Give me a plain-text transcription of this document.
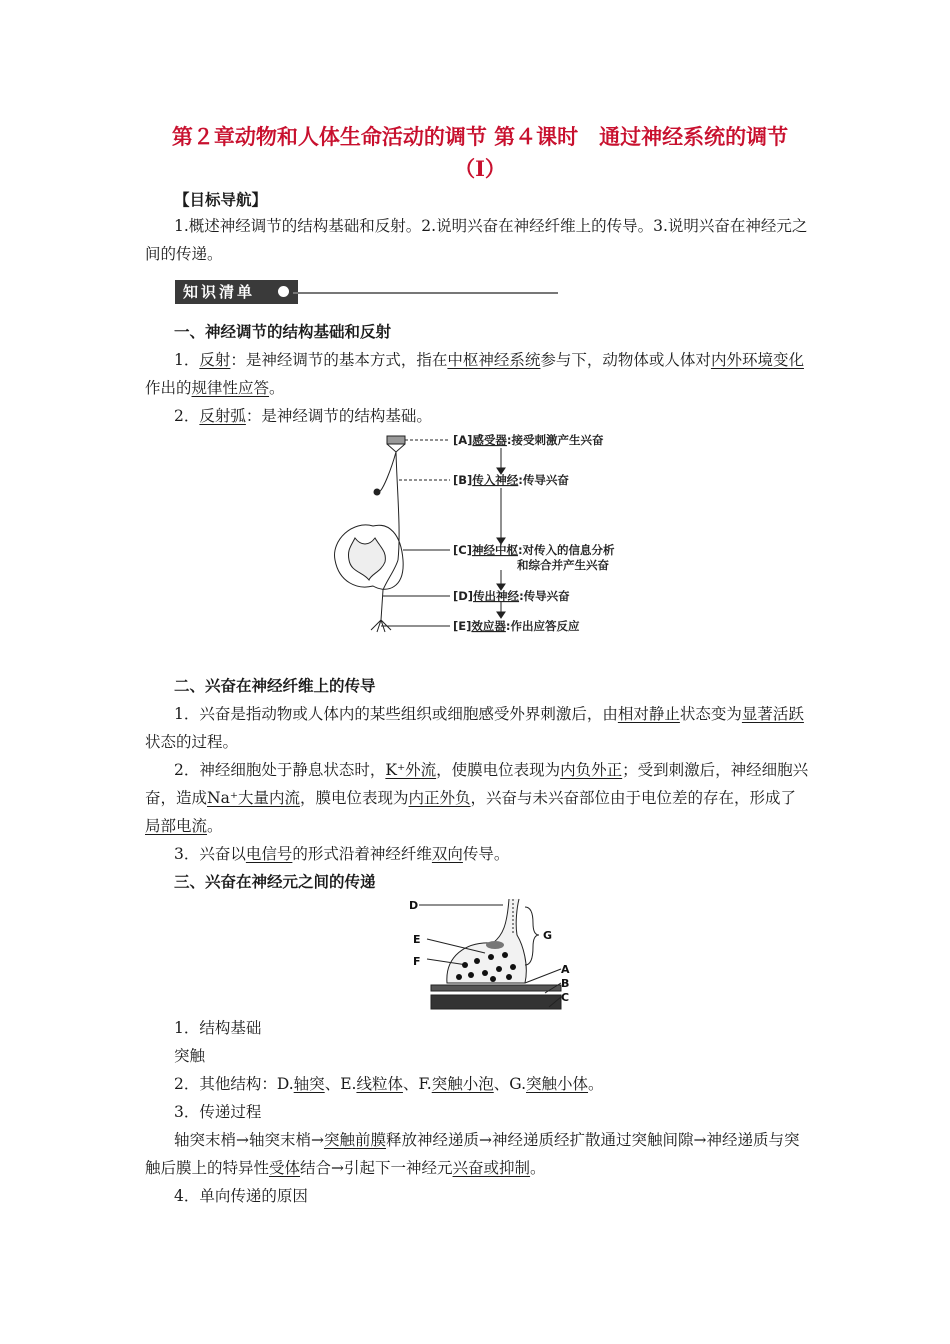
第２章动物和人体生命活动的调节 第４课时　通过神经系统的调节
（Ⅰ）
【目标导航】
1.概述神经调节的结构基础和反射。2.说明兴奋在神经纤维上的传导。3.说明兴奋在神经元之间的传递。
知识清单
一、神经调节的结构基础和反射
1．反射：是神经调节的基本方式，指在中枢神经系统参与下，动物体或人体对内外环境变化作出的规律性应答。
2．反射弧：是神经调节的结构基础。
[A]感受器:接受刺激产生兴奋
[B]传入神经:传导兴奋
[C]神经中枢:对传入的信息分析
和综合并产生兴奋
[D]传出神经:传导兴奋
[E]效应器:作出应答反应
二、兴奋在神经纤维上的传导
1．兴奋是指动物或人体内的某些组织或细胞感受外界刺激后，由相对静止状态变为显著活跃状态的过程。
2．神经细胞处于静息状态时，K⁺外流，使膜电位表现为内负外正；受到刺激后，神经细胞兴奋，造成Na⁺大量内流，膜电位表现为内正外负，兴奋与未兴奋部位由于电位差的存在，形成了局部电流。
3．兴奋以电信号的形式沿着神经纤维双向传导。
三、兴奋在神经元之间的传递
D
E
F
G
A
B
C
1．结构基础
突触
2．其他结构：D.轴突、E.线粒体、F.突触小泡、G.突触小体。
3．传递过程
轴突末梢→轴突末梢→突触前膜释放神经递质→神经递质经扩散通过突触间隙→神经递质与突触后膜上的特异性受体结合→引起下一神经元兴奋或抑制。
4．单向传递的原因
